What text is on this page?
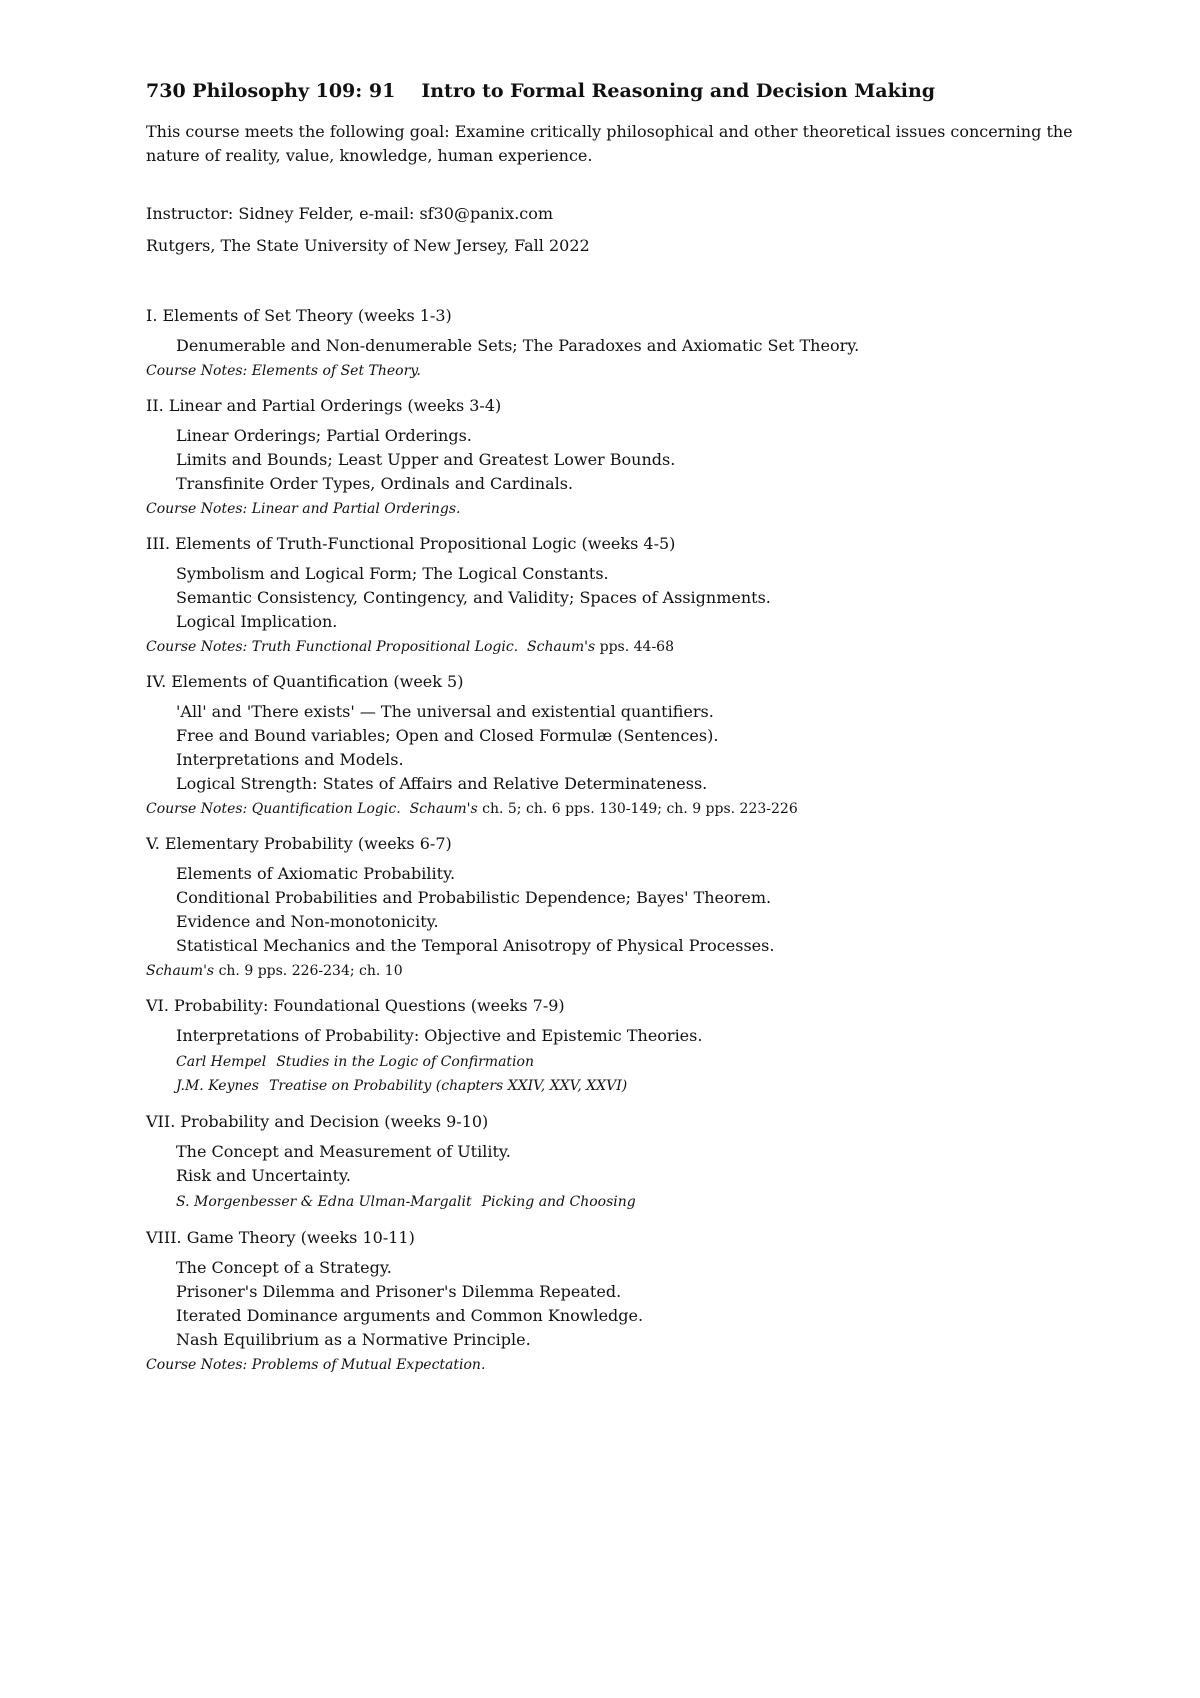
730 Philosophy 109: 91 Intro to Formal Reasoning and Decision Making

This course meets the following goal: Examine critically philosophical and other theoretical issues concerning the nature of reality, value, knowledge, human experience.

Instructor: Sidney Felder, e-mail: sf30@panix.com

Rutgers, The State University of New Jersey, Fall 2022

I. Elements of Set Theory (weeks 1-3)

Denumerable and Non-denumerable Sets; The Paradoxes and Axiomatic Set Theory.

Course Notes: Elements of Set Theory.

II. Linear and Partial Orderings (weeks 3-4)

Linear Orderings; Partial Orderings.

Limits and Bounds; Least Upper and Greatest Lower Bounds.

Transfinite Order Types, Ordinals and Cardinals.

Course Notes: Linear and Partial Orderings.

III. Elements of Truth-Functional Propositional Logic (weeks 4-5)

Symbolism and Logical Form; The Logical Constants.

Semantic Consistency, Contingency, and Validity; Spaces of Assignments.

Logical Implication.

Course Notes: Truth Functional Propositional Logic. Schaum's pps. 44-68

IV. Elements of Quantification (week 5)

'All' and 'There exists' — The universal and existential quantifiers.

Free and Bound variables; Open and Closed Formulæ (Sentences).

Interpretations and Models.

Logical Strength: States of Affairs and Relative Determinateness.

Course Notes: Quantification Logic. Schaum's ch. 5; ch. 6 pps. 130-149; ch. 9 pps. 223-226

V. Elementary Probability (weeks 6-7)

Elements of Axiomatic Probability.

Conditional Probabilities and Probabilistic Dependence; Bayes' Theorem.

Evidence and Non-monotonicity.

Statistical Mechanics and the Temporal Anisotropy of Physical Processes.

Schaum's ch. 9 pps. 226-234; ch. 10

VI. Probability: Foundational Questions (weeks 7-9)

Interpretations of Probability: Objective and Epistemic Theories.

Carl Hempel Studies in the Logic of Confirmation

J.M. Keynes Treatise on Probability (chapters XXIV, XXV, XXVI)

VII. Probability and Decision (weeks 9-10)

The Concept and Measurement of Utility.

Risk and Uncertainty.

S. Morgenbesser & Edna Ulman-Margalit Picking and Choosing

VIII. Game Theory (weeks 10-11)

The Concept of a Strategy.

Prisoner's Dilemma and Prisoner's Dilemma Repeated.

Iterated Dominance arguments and Common Knowledge.

Nash Equilibrium as a Normative Principle.

Course Notes: Problems of Mutual Expectation.
